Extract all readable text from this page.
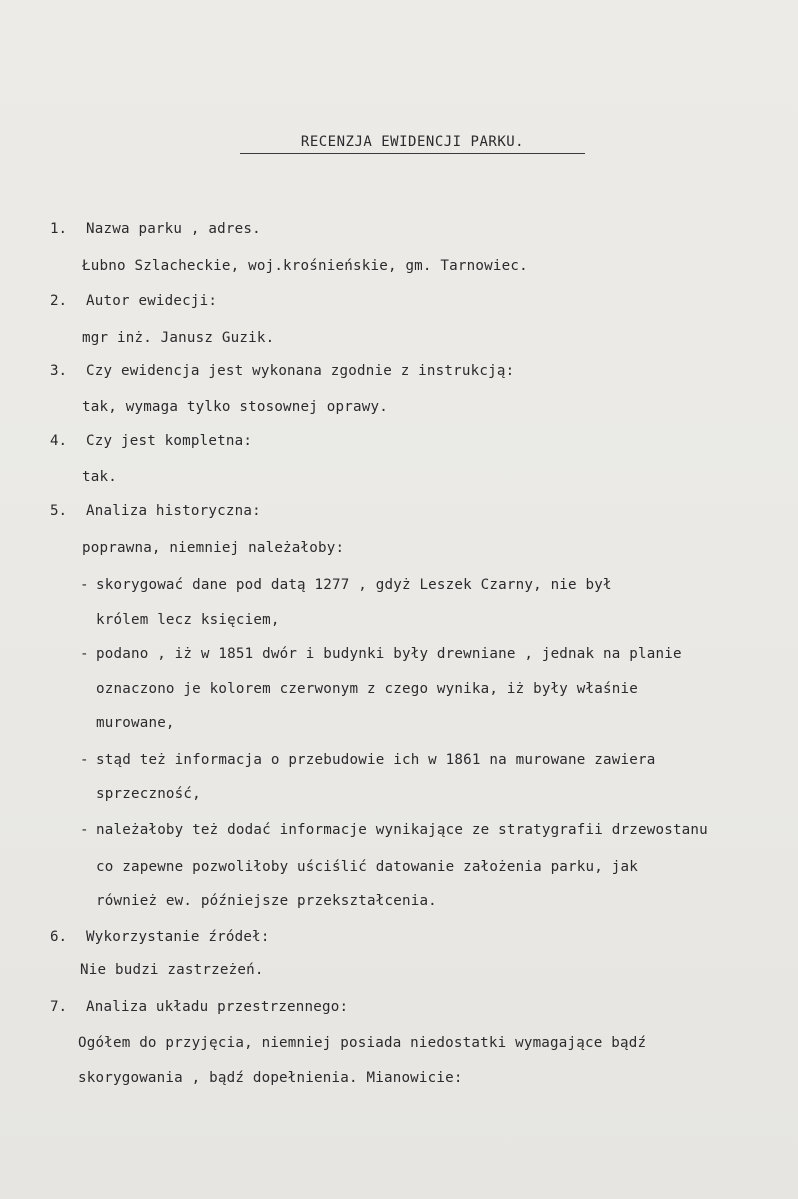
RECENZJA EWIDENCJI PARKU.
1. Nazwa parku , adres.
Łubno Szlacheckie, woj.krośnieńskie, gm. Tarnowiec.
2. Autor ewidecji:
mgr inż. Janusz Guzik.
3. Czy ewidencja jest wykonana zgodnie z instrukcją:
tak, wymaga tylko stosownej oprawy.
4. Czy jest kompletna:
tak.
5. Analiza historyczna:
poprawna, niemniej należałoby:
- skorygować dane pod datą 1277 , gdyż Leszek Czarny, nie był
królem lecz księciem,
- podano , iż w 1851 dwór i budynki były drewniane , jednak na planie
oznaczono je kolorem czerwonym z czego wynika, iż były właśnie
murowane,
- stąd też informacja o przebudowie ich w 1861 na murowane zawiera
sprzeczność,
- należałoby też dodać informacje wynikające ze stratygrafii drzewostanu
co zapewne pozwoliłoby uściślić datowanie założenia parku, jak
również ew. późniejsze przekształcenia.
6. Wykorzystanie źródeł:
Nie budzi zastrzeżeń.
7. Analiza układu przestrzennego:
Ogółem do przyjęcia, niemniej posiada niedostatki wymagające bądź
skorygowania , bądź dopełnienia. Mianowicie:
